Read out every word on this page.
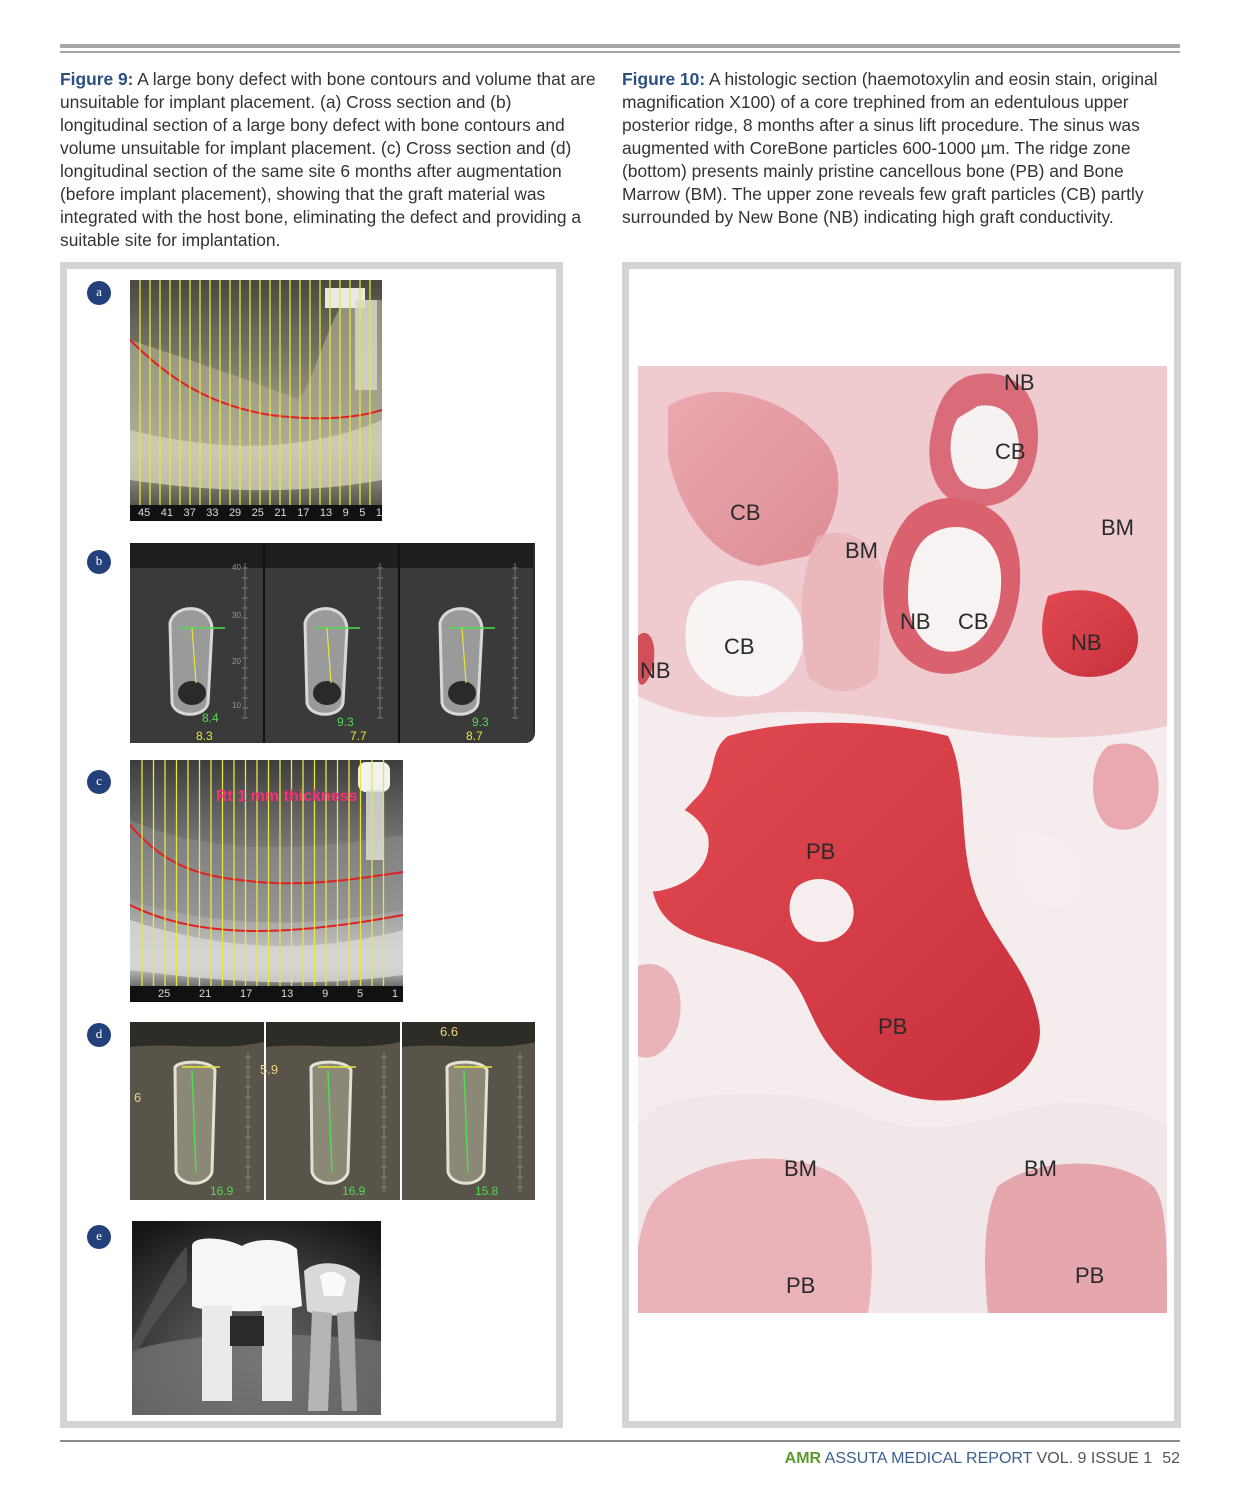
Figure 9: A large bony defect with bone contours and volume that are unsuitable for implant placement. (a) Cross section and (b) longitudinal section of a large bony defect with bone contours and volume unsuitable for implant placement. (c) Cross section and (d) longitudinal section of the same site 6 months after augmentation (before implant placement), showing that the graft material was integrated with the host bone, eliminating the defect and providing a suitable site for implantation.

Figure 10: A histologic section (haemotoxylin and eosin stain, original magnification X100) of a core trephined from an edentulous upper posterior ridge, 8 months after a sinus lift procedure. The sinus was augmented with CoreBone particles 600-1000 µm. The ridge zone (bottom) presents mainly pristine cancellous bone (PB) and Bone Marrow (BM). The upper zone reveals few graft particles (CB) partly surrounded by New Bone (NB) indicating high graft conductivity.

a
45 41 37 33 29 25 21 17 13 9 5 1
b
8.4
8.3
9.3
7.7
9.3
8.7
40
30
20
10
c
Rt 1 mm thickness
25	21	17	13	9	5	1
d
6
5.9
6.6
16.9	16.9	15.8
e
NB
CB
CB
BM
BM
NB CB
CB
NB
NB
PB
PB
BM	BM
PB	PB
AMR ASSUTA MEDICAL REPORT VOL. 9 ISSUE 1 52
